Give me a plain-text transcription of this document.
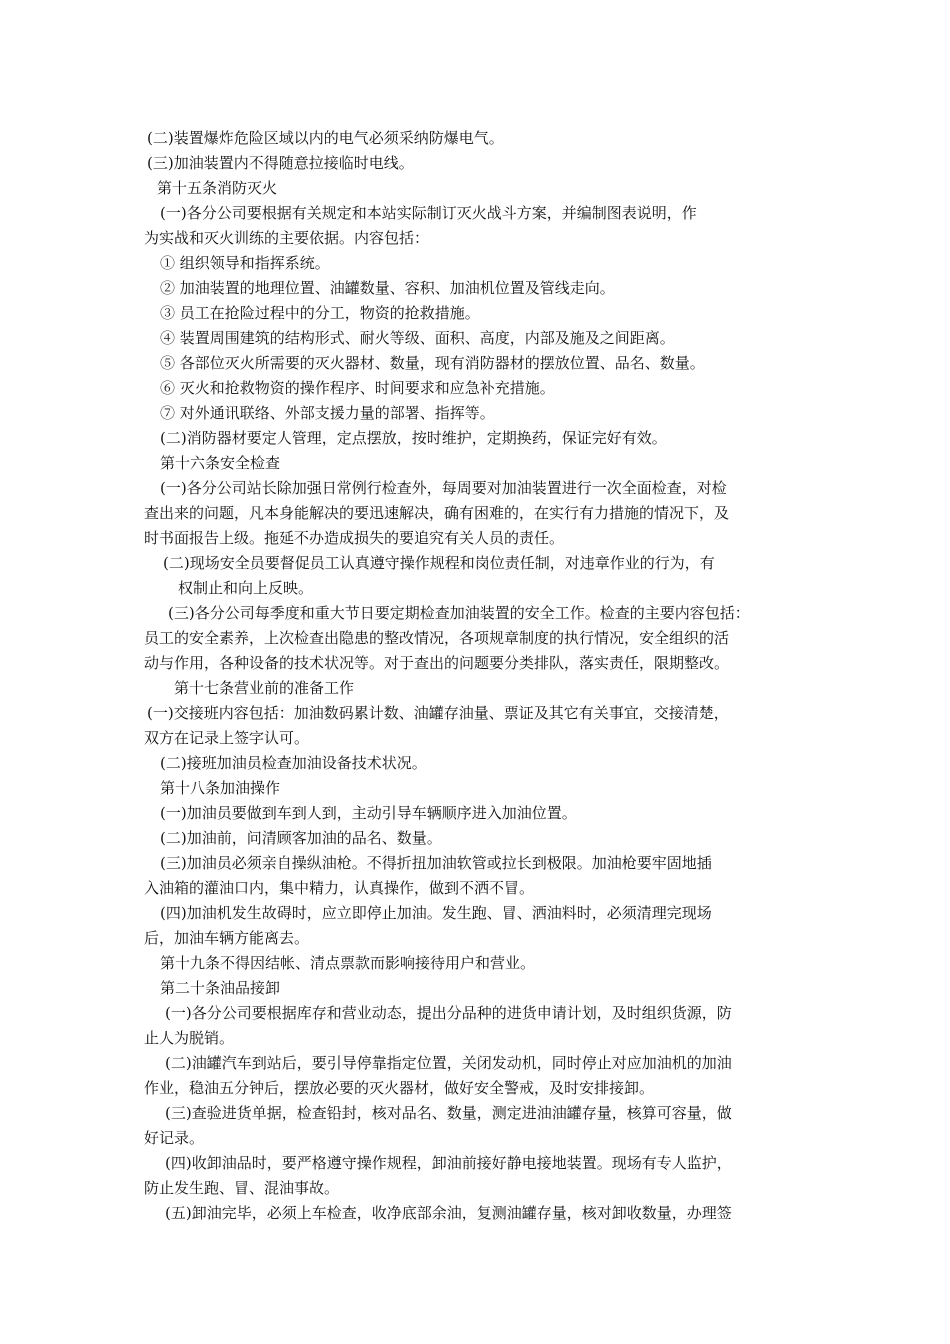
(二)装置爆炸危险区域以内的电气必须采纳防爆电气。
(三)加油装置内不得随意拉接临时电线。
第十五条消防灭火
(一)各分公司要根据有关规定和本站实际制订灭火战斗方案，并编制图表说明，作
为实战和灭火训练的主要依据。内容包括：
① 组织领导和指挥系统。
② 加油装置的地理位置、油罐数量、容积、加油机位置及管线走向。
③ 员工在抢险过程中的分工，物资的抢救措施。
④ 装置周围建筑的结构形式、耐火等级、面积、高度，内部及施及之间距离。
⑤ 各部位灭火所需要的灭火器材、数量，现有消防器材的摆放位置、品名、数量。
⑥ 灭火和抢救物资的操作程序、时间要求和应急补充措施。
⑦ 对外通讯联络、外部支援力量的部署、指挥等。
(二)消防器材要定人管理，定点摆放，按时维护，定期换药，保证完好有效。
第十六条安全检查
(一)各分公司站长除加强日常例行检查外，每周要对加油装置进行一次全面检查，对检
查出来的问题，凡本身能解决的要迅速解决，确有困难的，在实行有力措施的情况下，及
时书面报告上级。拖延不办造成损失的要追究有关人员的责任。
(二)现场安全员要督促员工认真遵守操作规程和岗位责任制，对违章作业的行为，有
权制止和向上反映。
(三)各分公司每季度和重大节日要定期检查加油装置的安全工作。检查的主要内容包括：
员工的安全素养，上次检查出隐患的整改情况，各项规章制度的执行情况，安全组织的活
动与作用，各种设备的技术状况等。对于查出的问题要分类排队，落实责任，限期整改。
第十七条营业前的准备工作
(一)交接班内容包括：加油数码累计数、油罐存油量、票证及其它有关事宜，交接清楚，
双方在记录上签字认可。
(二)接班加油员检查加油设备技术状况。
第十八条加油操作
(一)加油员要做到车到人到，主动引导车辆顺序进入加油位置。
(二)加油前，问清顾客加油的品名、数量。
(三)加油员必须亲自操纵油枪。不得折扭加油软管或拉长到极限。加油枪要牢固地插
入油箱的灌油口内，集中精力，认真操作，做到不洒不冒。
(四)加油机发生故碍时，应立即停止加油。发生跑、冒、洒油料时，必须清理完现场
后，加油车辆方能离去。
第十九条不得因结帐、清点票款而影响接待用户和营业。
第二十条油品接卸
(一)各分公司要根据库存和营业动态，提出分品种的进货申请计划，及时组织货源，防
止人为脱销。
(二)油罐汽车到站后，要引导停靠指定位置，关闭发动机，同时停止对应加油机的加油
作业，稳油五分钟后，摆放必要的灭火器材，做好安全警戒，及时安排接卸。
(三)查验进货单据，检查铅封，核对品名、数量，测定进油油罐存量，核算可容量，做
好记录。
(四)收卸油品时，要严格遵守操作规程，卸油前接好静电接地装置。现场有专人监护，
防止发生跑、冒、混油事故。
(五)卸油完毕，必须上车检查，收净底部余油，复测油罐存量，核对卸收数量，办理签
